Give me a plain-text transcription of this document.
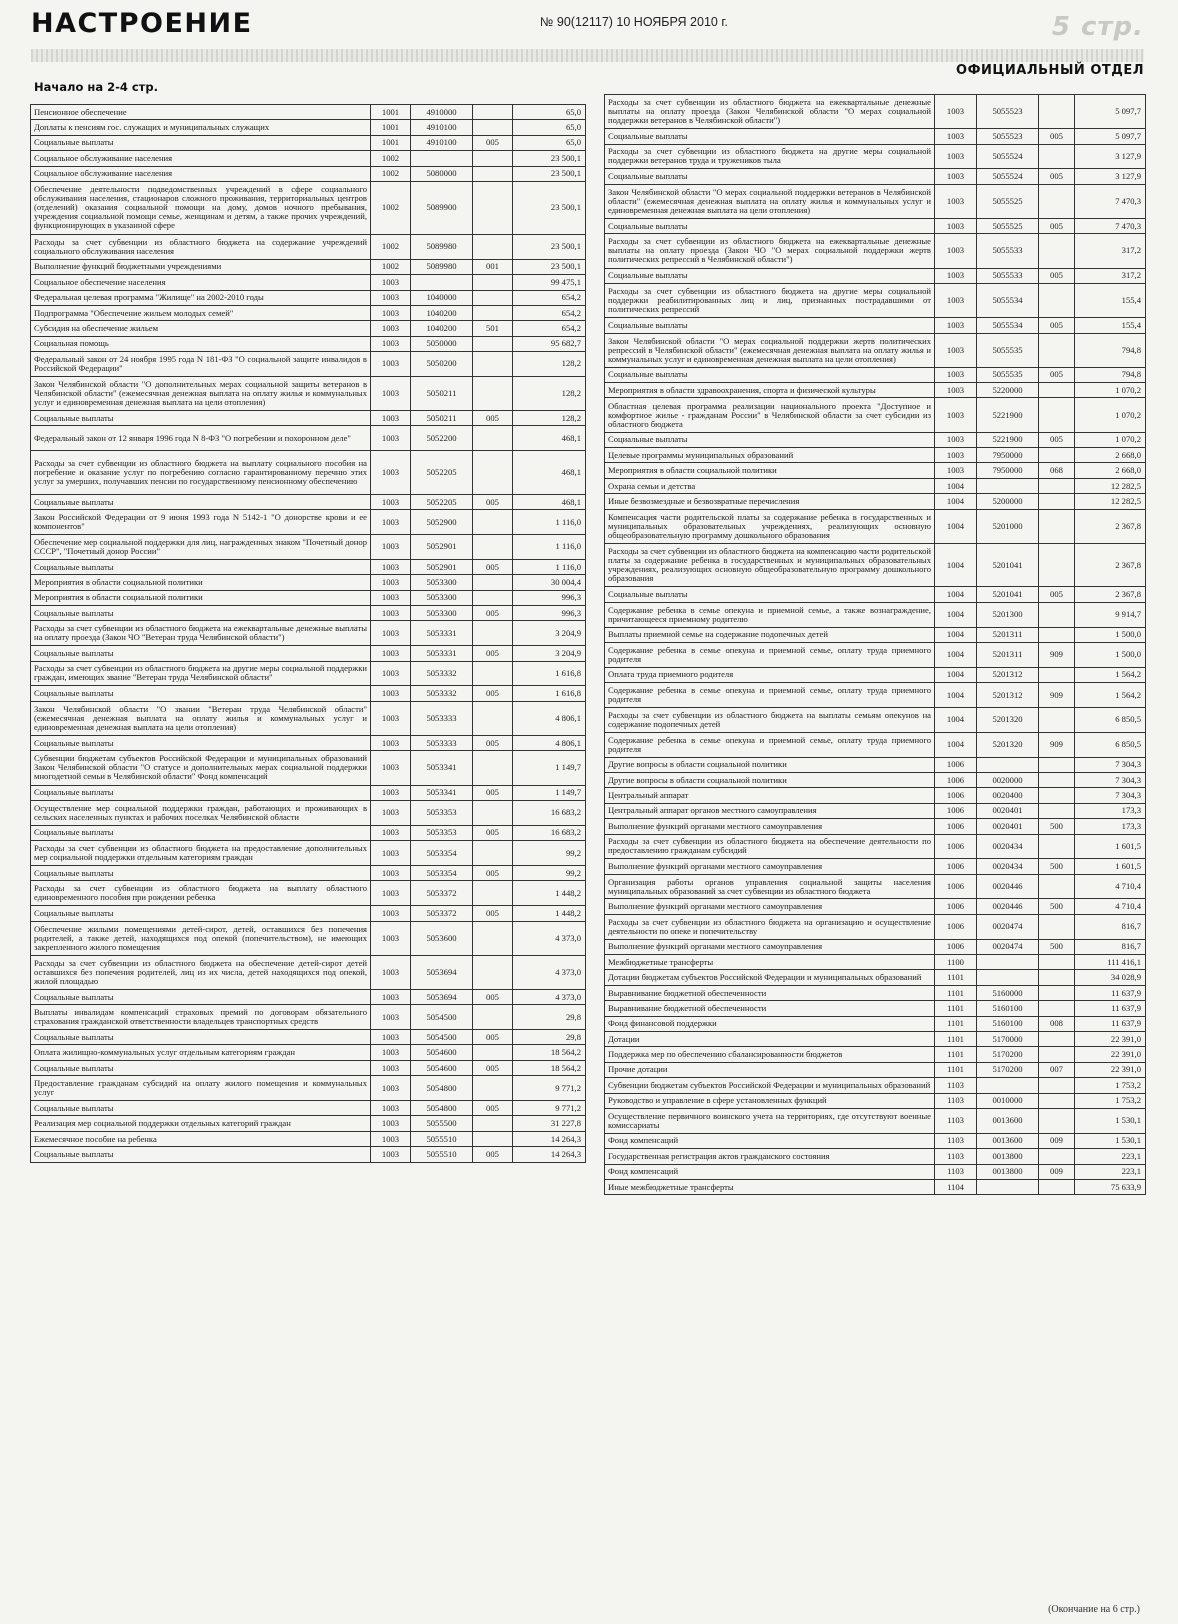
НАСТРОЕНИЕ	№ 90(12117) 10 НОЯБРЯ 2010 г.	5 стр.
ОФИЦИАЛЬНЫЙ ОТДЕЛ
Начало на 2-4 стр.
Пенсионное обеспечение	1001	4910000		65,0
Доплаты к пенсиям гос. служащих и муниципальных служащих	1001	4910100		65,0
Социальные выплаты	1001	4910100	005	65,0
Социальное обслуживание населения	1002			23 500,1
Социальное обслуживание населения	1002	5080000		23 500,1
Обеспечение деятельности подведомственных учреждений в сфере социального обслуживания населения, стационаров сложного проживания, территориальных центров (отделений) оказания социальной помощи на дому, домов ночного пребывания, учреждения социальной помощи семье, женщинам и детям, а также прочих учреждений, функционирующих в указанной сфере	1002	5089900		23 500,1
Расходы за счет субвенции из областного бюджета на содержание учреждений социального обслуживания населения	1002	5089980		23 500,1
Выполнение функций бюджетными учреждениями	1002	5089980	001	23 500,1
Социальное обеспечение населения	1003			99 475,1
Федеральная целевая программа "Жилище" на 2002-2010 годы	1003	1040000		654,2
Подпрограмма "Обеспечение жильем молодых семей"	1003	1040200		654,2
Субсидия на обеспечение жильем	1003	1040200	501	654,2
Социальная помощь	1003	5050000		95 682,7
Федеральный закон от 24 ноября 1995 года N 181-ФЗ "О социальной защите инвалидов в Российской Федерации"	1003	5050200		128,2
Закон Челябинской области "О дополнительных мерах социальной защиты ветеранов в Челябинской области" (ежемесячная денежная выплата на оплату жилья и коммунальных услуг и единовременная денежная выплата на цели отопления)	1003	5050211		128,2
Социальные выплаты	1003	5050211	005	128,2
Федеральный закон от 12 января 1996 года N 8-ФЗ "О погребении и похоронном деле"	1003	5052200		468,1
Расходы за счет субвенции из областного бюджета на выплату социального пособия на погребение и оказание услуг по погребению согласно гарантированному перечню этих услуг за умерших, получавших пенсии по государственному пенсионному обеспечению	1003	5052205		468,1
Социальные выплаты	1003	5052205	005	468,1
Закон Российской Федерации от 9 июня 1993 года N 5142-1 "О донорстве крови и ее компонентов"	1003	5052900		1 116,0
Обеспечение мер социальной поддержки для лиц, награжденных знаком "Почетный донор СССР", "Почетный донор России"	1003	5052901		1 116,0
Социальные выплаты	1003	5052901	005	1 116,0
Мероприятия в области социальной политики	1003	5053300		30 004,4
Мероприятия в области социальной политики	1003	5053300		996,3
Социальные выплаты	1003	5053300	005	996,3
Расходы за счет субвенции из областного бюджета на ежеквартальные денежные выплаты на оплату проезда (Закон ЧО "Ветеран труда Челябинской области")	1003	5053331		3 204,9
Социальные выплаты	1003	5053331	005	3 204,9
Расходы за счет субвенции из областного бюджета на другие меры социальной поддержки граждан, имеющих звание "Ветеран труда Челябинской области"	1003	5053332		1 616,8
Социальные выплаты	1003	5053332	005	1 616,8
Закон Челябинской области "О звании "Ветеран труда Челябинской области" (ежемесячная денежная выплата на оплату жилья и коммунальных услуг и единовременная денежная выплата на цели отопления)	1003	5053333		4 806,1
Социальные выплаты	1003	5053333	005	4 806,1
Субвенции бюджетам субъектов Российской Федерации и муниципальных образований Закон Челябинской области "О статусе и дополнительных мерах социальной поддержки многодетной семьи в Челябинской области" Фонд компенсаций	1003	5053341		1 149,7
Социальные выплаты	1003	5053341	005	1 149,7
Осуществление мер социальной поддержки граждан, работающих и проживающих в сельских населенных пунктах и рабочих поселках Челябинской области	1003	5053353		16 683,2
Социальные выплаты	1003	5053353	005	16 683,2
Расходы за счет субвенции из областного бюджета на предоставление дополнительных мер социальной поддержки отдельным категориям граждан	1003	5053354		99,2
Социальные выплаты	1003	5053354	005	99,2
Расходы за счет субвенции из областного бюджета на выплату областного единовременного пособия при рождении ребенка	1003	5053372		1 448,2
Социальные выплаты	1003	5053372	005	1 448,2
Обеспечение жилыми помещениями детей-сирот, детей, оставшихся без попечения родителей, а также детей, находящихся под опекой (попечительством), не имеющих закрепленного жилого помещения	1003	5053600		4 373,0
Расходы за счет субвенции из областного бюджета на обеспечение детей-сирот детей оставшихся без попечения родителей, лиц из их числа, детей находящихся под опекой, жилой площадью	1003	5053694		4 373,0
Социальные выплаты	1003	5053694	005	4 373,0
Выплаты инвалидам компенсаций страховых премий по договорам обязательного страхования гражданской ответственности владельцев транспортных средств	1003	5054500		29,8
Социальные выплаты	1003	5054500	005	29,8
Оплата жилищно-коммунальных услуг отдельным категориям граждан	1003	5054600		18 564,2
Социальные выплаты	1003	5054600	005	18 564,2
Предоставление гражданам субсидий на оплату жилого помещения и коммунальных услуг	1003	5054800		9 771,2
Социальные выплаты	1003	5054800	005	9 771,2
Реализация мер социальной поддержки отдельных категорий граждан	1003	5055500		31 227,8
Ежемесячное пособие на ребенка	1003	5055510		14 264,3
Социальные выплаты	1003	5055510	005	14 264,3
Расходы за счет субвенции из областного бюджета на ежеквартальные денежные выплаты на оплату проезда (Закон Челябинской области "О мерах социальной поддержки ветеранов в Челябинской области")	1003	5055523		5 097,7
Социальные выплаты	1003	5055523	005	5 097,7
Расходы за счет субвенции из областного бюджета на другие меры социальной поддержки ветеранов труда и тружеников тыла	1003	5055524		3 127,9
Социальные выплаты	1003	5055524	005	3 127,9
Закон Челябинской области "О мерах социальной поддержки ветеранов в Челябинской области" (ежемесячная денежная выплата на оплату жилья и коммунальных услуг и единовременная денежная выплата на цели отопления)	1003	5055525		7 470,3
Социальные выплаты	1003	5055525	005	7 470,3
Расходы за счет субвенции из областного бюджета на ежеквартальные денежные выплаты на оплату проезда (Закон ЧО "О мерах социальной поддержки жертв политических репрессий в Челябинской области")	1003	5055533		317,2
Социальные выплаты	1003	5055533	005	317,2
Расходы за счет субвенции из областного бюджета на другие меры социальной поддержки реабилитированных лиц и лиц, признанных пострадавшими от политических репрессий	1003	5055534		155,4
Социальные выплаты	1003	5055534	005	155,4
Закон Челябинской области "О мерах социальной поддержки жертв политических репрессий в Челябинской области" (ежемесячная денежная выплата на оплату жилья и коммунальных услуг и единовременная денежная выплата на цели отопления)	1003	5055535		794,8
Социальные выплаты	1003	5055535	005	794,8
Мероприятия в области здравоохранения, спорта и физической культуры	1003	5220000		1 070,2
Областная целевая программа реализации национального проекта "Доступное и комфортное жилье - гражданам России" в Челябинской области за счет субсидии из областного бюджета	1003	5221900		1 070,2
Социальные выплаты	1003	5221900	005	1 070,2
Целевые программы муниципальных образований	1003	7950000		2 668,0
Мероприятия в области социальной политики	1003	7950000	068	2 668,0
Охрана семьи и детства	1004			12 282,5
Иные безвозмездные и безвозвратные перечисления	1004	5200000		12 282,5
Компенсация части родительской платы за содержание ребенка в государственных и муниципальных образовательных учреждениях, реализующих основную общеобразовательную программу дошкольного образования	1004	5201000		2 367,8
Расходы за счет субвенции из областного бюджета на компенсацию части родительской платы за содержание ребенка в государственных и муниципальных образовательных учреждениях, реализующих основную общеобразовательную программу дошкольного образования	1004	5201041		2 367,8
Социальные выплаты	1004	5201041	005	2 367,8
Содержание ребенка в семье опекуна и приемной семье, а также вознаграждение, причитающееся приемному родителю	1004	5201300		9 914,7
Выплаты приемной семье на содержание подопечных детей	1004	5201311		1 500,0
Содержание ребенка в семье опекуна и приемной семье, оплату труда приемного родителя	1004	5201311	909	1 500,0
Оплата труда приемного родителя	1004	5201312		1 564,2
Содержание ребенка в семье опекуна и приемной семье, оплату труда приемного родителя	1004	5201312	909	1 564,2
Расходы за счет субвенции из областного бюджета на выплаты семьям опекунов на содержание подопечных детей	1004	5201320		6 850,5
Содержание ребенка в семье опекуна и приемной семье, оплату труда приемного родителя	1004	5201320	909	6 850,5
Другие вопросы в области социальной политики	1006			7 304,3
Другие вопросы в области социальной политики	1006	0020000		7 304,3
Центральный аппарат	1006	0020400		7 304,3
Центральный аппарат органов местного самоуправления	1006	0020401		173,3
Выполнение функций органами местного самоуправления	1006	0020401	500	173,3
Расходы за счет субвенции из областного бюджета на обеспечение деятельности по предоставлению гражданам субсидий	1006	0020434		1 601,5
Выполнение функций органами местного самоуправления	1006	0020434	500	1 601,5
Организация работы органов управления социальной защиты населения муниципальных образований за счет субвенции из областного бюджета	1006	0020446		4 710,4
Выполнение функций органами местного самоуправления	1006	0020446	500	4 710,4
Расходы за счет субвенции из областного бюджета на организацию и осуществление деятельности по опеке и попечительству	1006	0020474		816,7
Выполнение функций органами местного самоуправления	1006	0020474	500	816,7
Межбюджетные трансферты	1100			111 416,1
Дотации бюджетам субъектов Российской Федерации и муниципальных образований	1101			34 028,9
Выравнивание бюджетной обеспеченности	1101	5160000		11 637,9
Выравнивание бюджетной обеспеченности	1101	5160100		11 637,9
Фонд финансовой поддержки	1101	5160100	008	11 637,9
Дотации	1101	5170000		22 391,0
Поддержка мер по обеспечению сбалансированности бюджетов	1101	5170200		22 391,0
Прочие дотации	1101	5170200	007	22 391,0
Субвенции бюджетам субъектов Российской Федерации и муниципальных образований	1103			1 753,2
Руководство и управление в сфере установленных функций	1103	0010000		1 753,2
Осуществление первичного воинского учета на территориях, где отсутствуют военные комиссариаты	1103	0013600		1 530,1
Фонд компенсаций	1103	0013600	009	1 530,1
Государственная регистрация актов гражданского состояния	1103	0013800		223,1
Фонд компенсаций	1103	0013800	009	223,1
Иные межбюджетные трансферты	1104			75 633,9
(Окончание на 6 стр.)
